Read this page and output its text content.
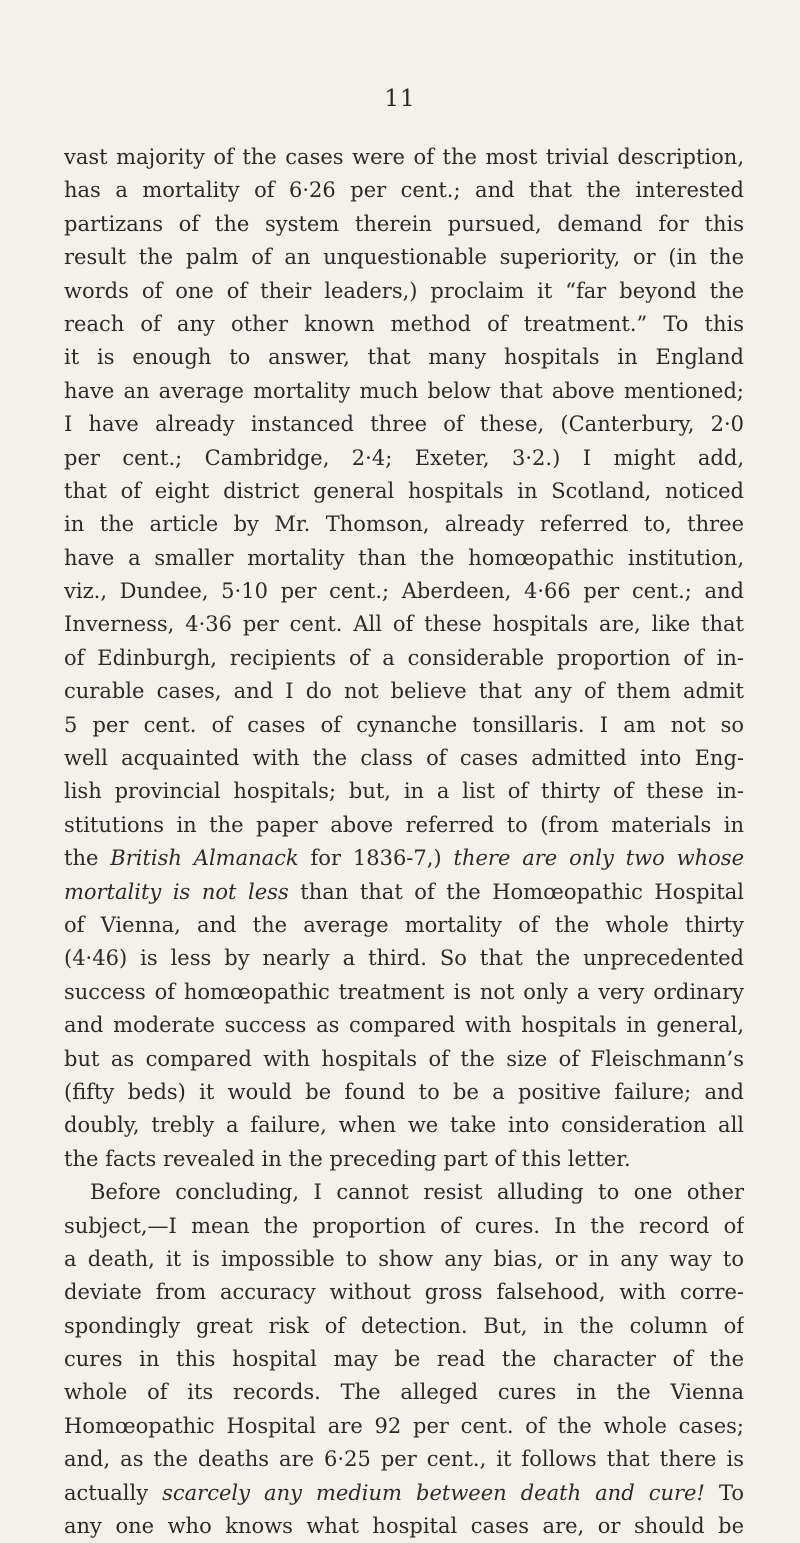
11
vast majority of the cases were of the most trivial description,
has a mortality of 6·26 per cent.; and that the interested
partizans of the system therein pursued, demand for this
result the palm of an unquestionable superiority, or (in the
words of one of their leaders,) proclaim it “far beyond the
reach of any other known method of treatment.” To this
it is enough to answer, that many hospitals in England
have an average mortality much below that above mentioned;
I have already instanced three of these, (Canterbury, 2·0
per cent.; Cambridge, 2·4; Exeter, 3·2.) I might add,
that of eight district general hospitals in Scotland, noticed
in the article by Mr. Thomson, already referred to, three
have a smaller mortality than the homœopathic institution,
viz., Dundee, 5·10 per cent.; Aberdeen, 4·66 per cent.; and
Inverness, 4·36 per cent. All of these hospitals are, like that
of Edinburgh, recipients of a considerable proportion of in-
curable cases, and I do not believe that any of them admit
5 per cent. of cases of cynanche tonsillaris. I am not so
well acquainted with the class of cases admitted into Eng-
lish provincial hospitals; but, in a list of thirty of these in-
stitutions in the paper above referred to (from materials in
the British Almanack for 1836-7,) there are only two whose
mortality is not less than that of the Homœopathic Hospital
of Vienna, and the average mortality of the whole thirty
(4·46) is less by nearly a third. So that the unprecedented
success of homœopathic treatment is not only a very ordinary
and moderate success as compared with hospitals in general,
but as compared with hospitals of the size of Fleischmann’s
(fifty beds) it would be found to be a positive failure; and
doubly, trebly a failure, when we take into consideration all
the facts revealed in the preceding part of this letter.
Before concluding, I cannot resist alluding to one other
subject,—I mean the proportion of cures. In the record of
a death, it is impossible to show any bias, or in any way to
deviate from accuracy without gross falsehood, with corre-
spondingly great risk of detection. But, in the column of
cures in this hospital may be read the character of the
whole of its records. The alleged cures in the Vienna
Homœopathic Hospital are 92 per cent. of the whole cases;
and, as the deaths are 6·25 per cent., it follows that there is
actually scarcely any medium between death and cure! To
any one who knows what hospital cases are, or should be
